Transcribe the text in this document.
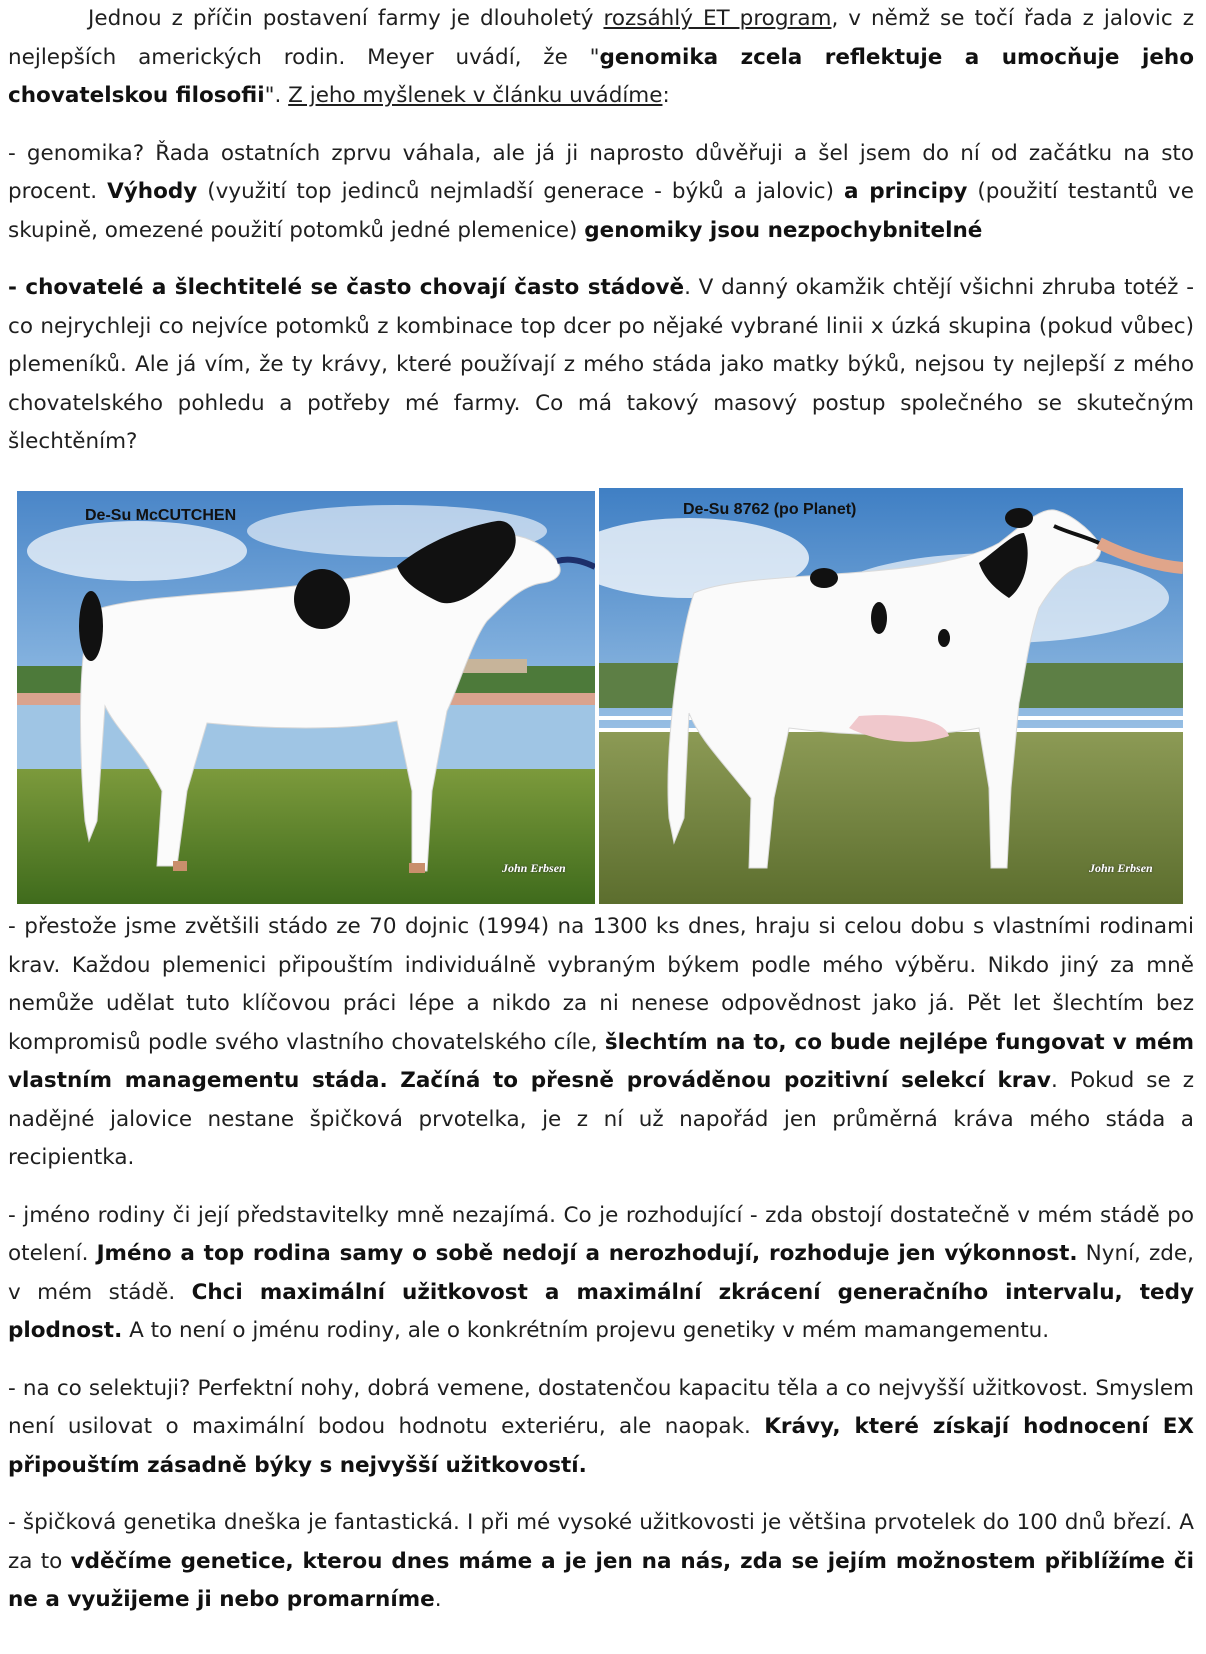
Jednou z příčin postavení farmy je dlouholetý rozsáhlý ET program, v němž se točí řada z jalovic z nejlepších amerických rodin. Meyer uvádí, že "genomika zcela reflektuje a umocňuje jeho chovatelskou filosofii". Z jeho myšlenek v článku uvádíme:

- genomika? Řada ostatních zprvu váhala, ale já ji naprosto důvěřuji a šel jsem do ní od začátku na sto procent. Výhody (využití top jedinců nejmladší generace - býků a jalovic) a principy (použití testantů ve skupině, omezené použití potomků jedné plemenice) genomiky jsou nezpochybnitelné

- chovatelé a šlechtitelé se často chovají často stádově. V danný okamžik chtějí všichni zhruba totéž - co nejrychleji co nejvíce potomků z kombinace top dcer po nějaké vybrané linii x úzká skupina (pokud vůbec) plemeníků. Ale já vím, že ty krávy, které používají z mého stáda jako matky býků, nejsou ty nejlepší z mého chovatelského pohledu a potřeby mé farmy. Co má takový masový postup společného se skutečným šlechtěním?

De-Su McCUTCHEN
John Erbsen
De-Su 8762 (po Planet)
John Erbsen

- přestože jsme zvětšili stádo ze 70 dojnic (1994) na 1300 ks dnes, hraju si celou dobu s vlastními rodinami krav. Každou plemenici připouštím individuálně vybraným býkem podle mého výběru. Nikdo jiný za mně nemůže udělat tuto klíčovou práci lépe a nikdo za ni nenese odpovědnost jako já. Pět let šlechtím bez kompromisů podle svého vlastního chovatelského cíle, šlechtím na to, co bude nejlépe fungovat v mém vlastním managementu stáda. Začíná to přesně prováděnou pozitivní selekcí krav. Pokud se z nadějné jalovice nestane špičková prvotelka, je z ní už napořád jen průměrná kráva mého stáda a recipientka.

- jméno rodiny či její představitelky mně nezajímá. Co je rozhodující - zda obstojí dostatečně v mém stádě po otelení. Jméno a top rodina samy o sobě nedojí a nerozhodují, rozhoduje jen výkonnost. Nyní, zde, v mém stádě. Chci maximální užitkovost a maximální zkrácení generačního intervalu, tedy plodnost. A to není o jménu rodiny, ale o konkrétním projevu genetiky v mém mamangementu.

- na co selektuji? Perfektní nohy, dobrá vemene, dostatenčou kapacitu těla a co nejvyšší užitkovost. Smyslem není usilovat o maximální bodou hodnotu exteriéru, ale naopak. Krávy, které získají hodnocení EX připouštím zásadně býky s nejvyšší užitkovostí.

- špičková genetika dneška je fantastická. I při mé vysoké užitkovosti je většina prvotelek do 100 dnů březí. A za to vděčíme genetice, kterou dnes máme a je jen na nás, zda se jejím možnostem přiblížíme či ne a využijeme ji nebo promarníme.
